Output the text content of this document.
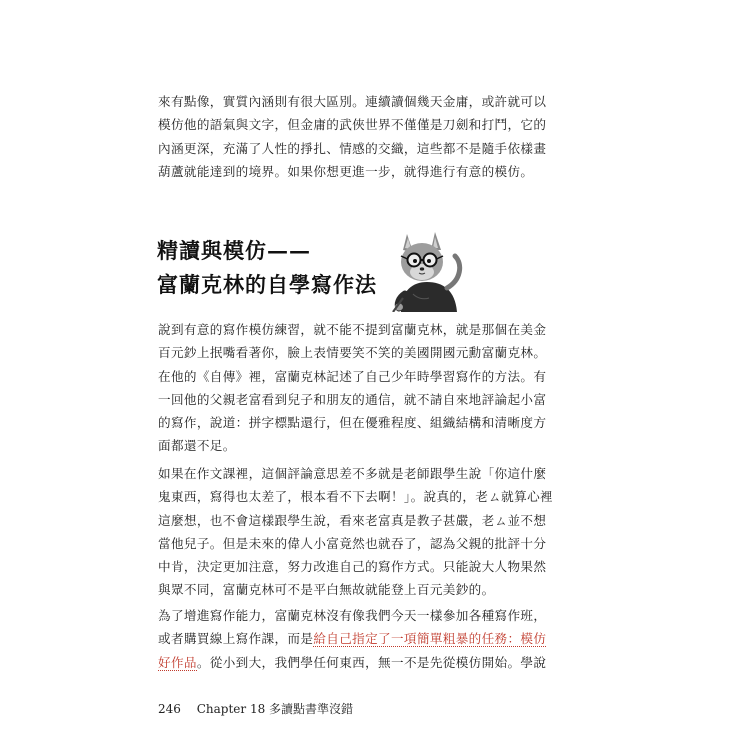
來有點像，實質內涵則有很大區別。連續讀個幾天金庸，或許就可以
模仿他的語氣與文字，但金庸的武俠世界不僅僅是刀劍和打鬥，它的
內涵更深，充滿了人性的掙扎、情感的交織，這些都不是隨手依樣畫
葫蘆就能達到的境界。如果你想更進一步，就得進行有意的模仿。
精讀與模仿——
富蘭克林的自學寫作法
說到有意的寫作模仿練習，就不能不提到富蘭克林，就是那個在美金
百元鈔上抿嘴看著你，臉上表情要笑不笑的美國開國元勳富蘭克林。
在他的《自傳》裡，富蘭克林記述了自己少年時學習寫作的方法。有
一回他的父親老富看到兒子和朋友的通信，就不請自來地評論起小富
的寫作，說道：拼字標點還行，但在優雅程度、組織結構和清晰度方
面都還不足。
如果在作文課裡，這個評論意思差不多就是老師跟學生說「你這什麼
鬼東西，寫得也太差了，根本看不下去啊！」。說真的，老ㄙ就算心裡
這麼想，也不會這樣跟學生說，看來老富真是教子甚嚴，老ㄙ並不想
當他兒子。但是未來的偉人小富竟然也就吞了，認為父親的批評十分
中肯，決定更加注意，努力改進自己的寫作方式。只能說大人物果然
與眾不同，富蘭克林可不是平白無故就能登上百元美鈔的。
為了增進寫作能力，富蘭克林沒有像我們今天一樣參加各種寫作班，
或者購買線上寫作課，而是給自己指定了一項簡單粗暴的任務：模仿
好作品。從小到大，我們學任何東西，無一不是先從模仿開始。學說
246 Chapter 18 多讀點書準沒錯
